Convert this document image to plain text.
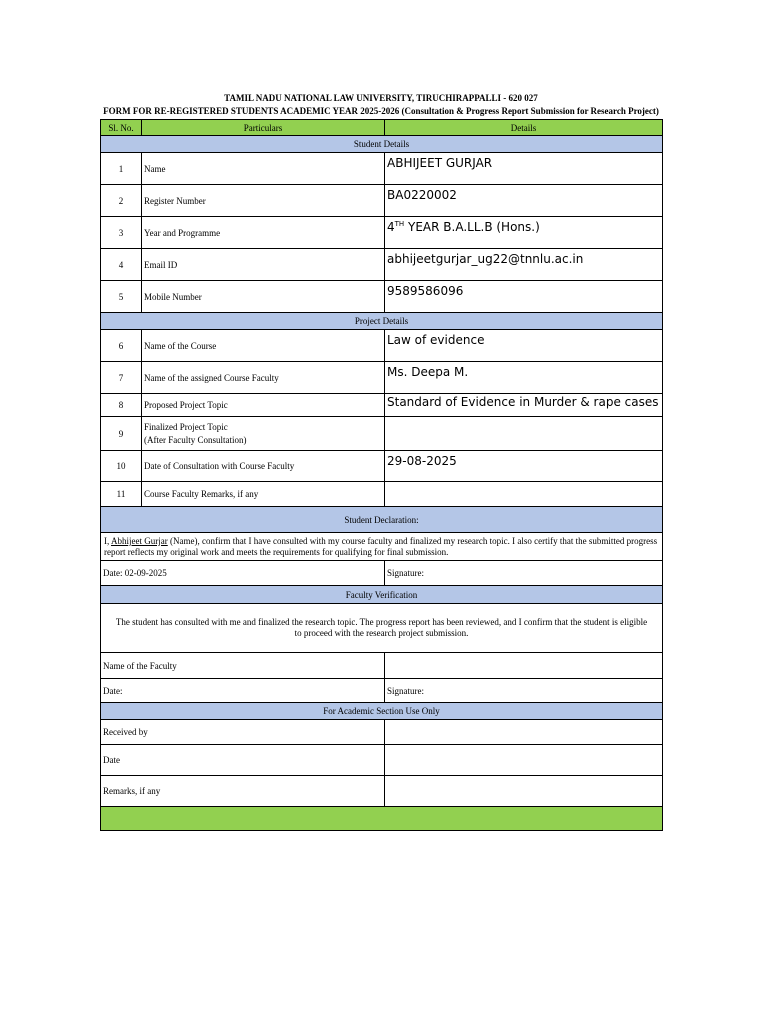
TAMIL NADU NATIONAL LAW UNIVERSITY, TIRUCHIRAPPALLI - 620 027
FORM FOR RE-REGISTERED STUDENTS ACADEMIC YEAR 2025-2026 (Consultation & Progress Report Submission for Research Project)
Sl. No.	Particulars	Details
Student Details		
1	Name	ABHIJEET GURJAR
2	Register Number	BA0220002
3	Year and Programme	4TH YEAR B.A.LL.B (Hons.)
4	Email ID	abhijeetgurjar_ug22@tnnlu.ac.in
5	Mobile Number	9589586096
Project Details		
6	Name of the Course	Law of evidence
7	Name of the assigned Course Faculty	Ms. Deepa M.
8	Proposed Project Topic	Standard of Evidence in Murder & rape cases
9	Finalized Project Topic
(After Faculty Consultation)	

10	Date of Consultation with Course Faculty	29-08-2025
11	Course Faculty Remarks, if any	
Student Declaration:		
I, Abhijeet Gurjar (Name), confirm that I have consulted with my course faculty and finalized my research topic. I also certify that the submitted progress report reflects my original work and meets the requirements for qualifying for final submission.		
Date: 02-09-2025		Signature:
Faculty Verification		
The student has consulted with me and finalized the research topic. The progress report has been reviewed, and I confirm that the student is eligible to proceed with the research project submission.		
Name of the Faculty		
Date:		Signature:
For Academic Section Use Only		
Received by		
Date		
Remarks, if any		
